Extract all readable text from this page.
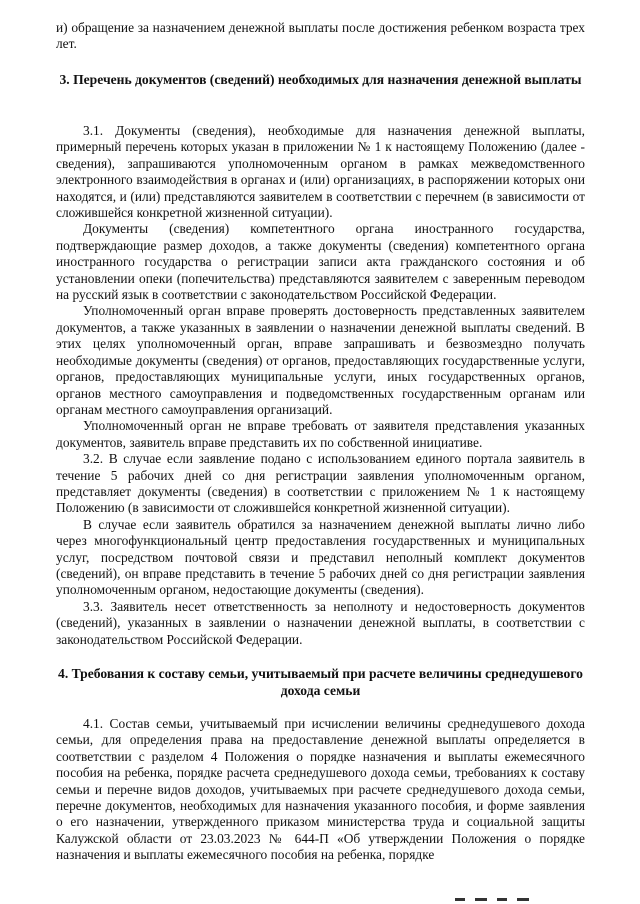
и) обращение за назначением денежной выплаты после достижения ребенком возраста трех лет.

3. Перечень документов (сведений) необходимых для назначения денежной выплаты

3.1. Документы (сведения), необходимые для назначения денежной выплаты, примерный перечень которых указан в приложении № 1 к настоящему Положению (далее - сведения), запрашиваются уполномоченным органом в рамках межведомственного электронного взаимодействия в органах и (или) организациях, в распоряжении которых они находятся, и (или) представляются заявителем в соответствии с перечнем (в зависимости от сложившейся конкретной жизненной ситуации).

Документы (сведения) компетентного органа иностранного государства, подтверждающие размер доходов, а также документы (сведения) компетентного органа иностранного государства о регистрации записи акта гражданского состояния и об установлении опеки (попечительства) представляются заявителем с заверенным переводом на русский язык в соответствии с законодательством Российской Федерации.

Уполномоченный орган вправе проверять достоверность представленных заявителем документов, а также указанных в заявлении о назначении денежной выплаты сведений. В этих целях уполномоченный орган, вправе запрашивать и безвозмездно получать необходимые документы (сведения) от органов, предоставляющих государственные услуги, органов, предоставляющих муниципальные услуги, иных государственных органов, органов местного самоуправления и подведомственных государственным органам или органам местного самоуправления организаций.

Уполномоченный орган не вправе требовать от заявителя представления указанных документов, заявитель вправе представить их по собственной инициативе.

3.2. В случае если заявление подано с использованием единого портала заявитель в течение 5 рабочих дней со дня регистрации заявления уполномоченным органом, представляет документы (сведения) в соответствии с приложением № 1 к настоящему Положению (в зависимости от сложившейся конкретной жизненной ситуации).

В случае если заявитель обратился за назначением денежной выплаты лично либо через многофункциональный центр предоставления государственных и муниципальных услуг, посредством почтовой связи и представил неполный комплект документов (сведений), он вправе представить в течение 5 рабочих дней со дня регистрации заявления уполномоченным органом, недостающие документы (сведения).

3.3. Заявитель несет ответственность за неполноту и недостоверность документов (сведений), указанных в заявлении о назначении денежной выплаты, в соответствии с законодательством Российской Федерации.

4. Требования к составу семьи, учитываемый при расчете величины среднедушевого дохода семьи

4.1. Состав семьи, учитываемый при исчислении величины среднедушевого дохода семьи, для определения права на предоставление денежной выплаты определяется в соответствии с разделом 4 Положения о порядке назначения и выплаты ежемесячного пособия на ребенка, порядке расчета среднедушевого дохода семьи, требованиях к составу семьи и перечне видов доходов, учитываемых при расчете среднедушевого дохода семьи, перечне документов, необходимых для назначения указанного пособия, и форме заявления о его назначении, утвержденного приказом министерства труда и социальной защиты Калужской области от 23.03.2023 № 644-П «Об утверждении Положения о порядке назначения и выплаты ежемесячного пособия на ребенка, порядке
